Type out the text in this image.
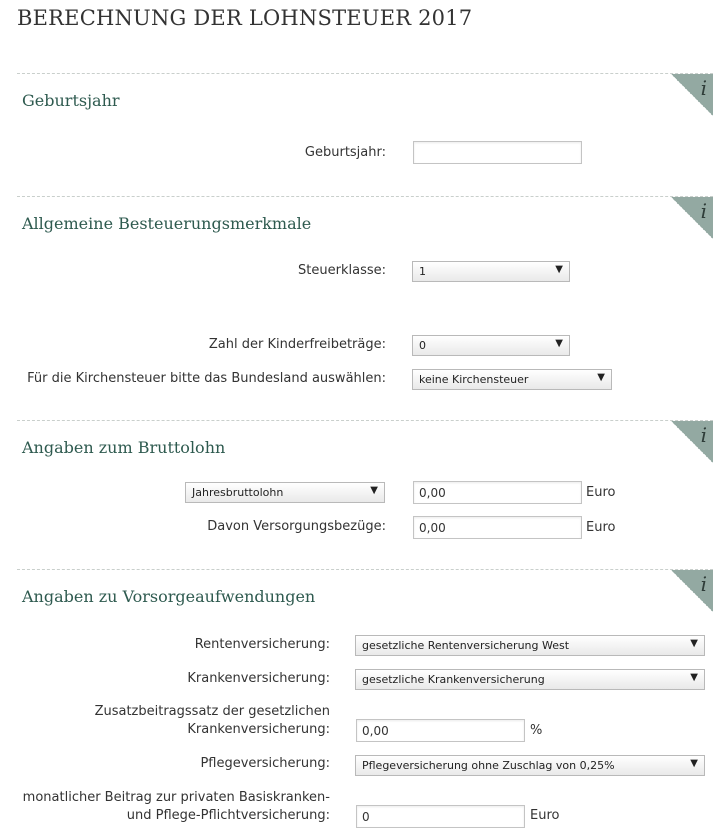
BERECHNUNG DER LOHNSTEUER 2017
i
Geburtsjahr
Geburtsjahr:
i
Allgemeine Besteuerungsmerkmale
Steuerklasse:	1	▼
Zahl der Kinderfreibeträge:	0	▼
Für die Kirchensteuer bitte das Bundesland auswählen:	keine Kirchensteuer	▼
i
Angaben zum Bruttolohn
Jahresbruttolohn	▼
0,00	Euro
Davon Versorgungsbezüge:
0,00	Euro
i
Angaben zu Vorsorgeaufwendungen
Rentenversicherung:	gesetzliche Rentenversicherung West	▼
Krankenversicherung:	gesetzliche Krankenversicherung	▼
Zusatzbeitragssatz der gesetzlichen
Krankenversicherung:
0,00	%
Pflegeversicherung:	Pflegeversicherung ohne Zuschlag von 0,25%	▼
monatlicher Beitrag zur privaten Basiskranken-
und Pflege-Pflichtversicherung:
0	Euro
